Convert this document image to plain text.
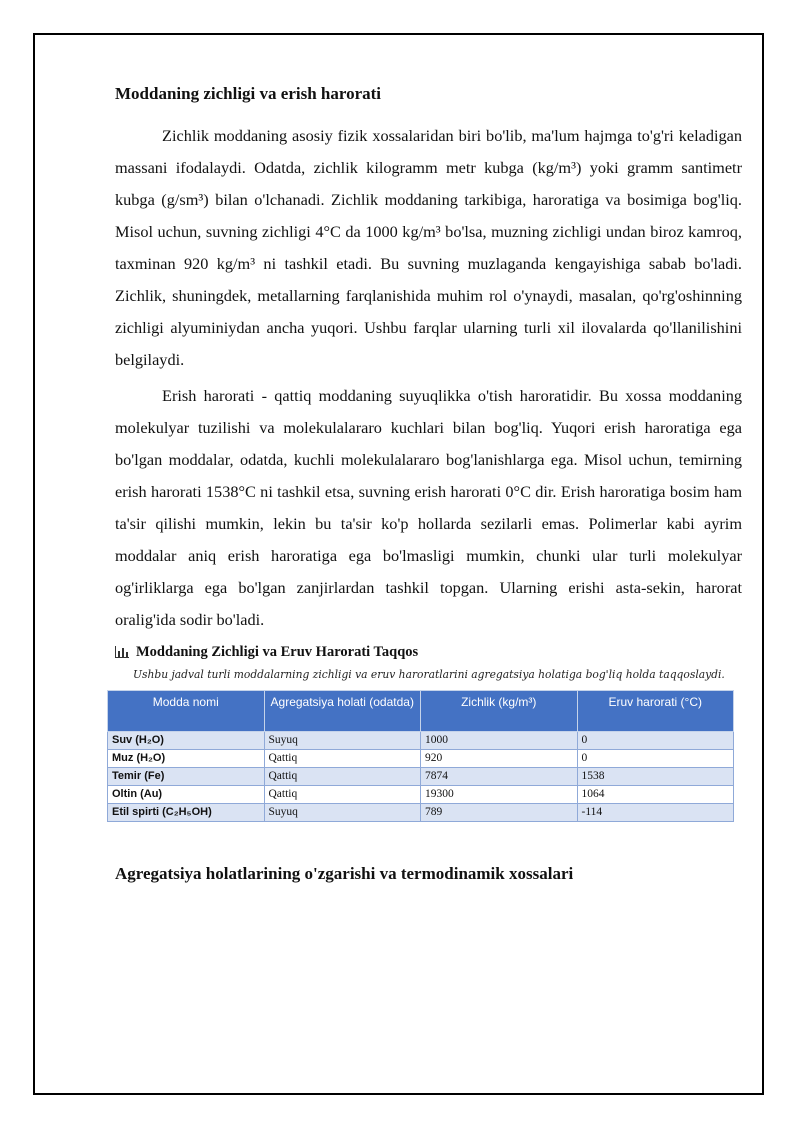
Moddaning zichligi va erish harorati

Zichlik moddaning asosiy fizik xossalaridan biri bo'lib, ma'lum hajmga to'g'ri keladigan massani ifodalaydi. Odatda, zichlik kilogramm metr kubga (kg/m³) yoki gramm santimetr kubga (g/sm³) bilan o'lchanadi. Zichlik moddaning tarkibiga, haroratiga va bosimiga bog'liq. Misol uchun, suvning zichligi 4°C da 1000 kg/m³ bo'lsa, muzning zichligi undan biroz kamroq, taxminan 920 kg/m³ ni tashkil etadi. Bu suvning muzlaganda kengayishiga sabab bo'ladi. Zichlik, shuningdek, metallarning farqlanishida muhim rol o'ynaydi, masalan, qo'rg'oshinning zichligi alyuminiydan ancha yuqori. Ushbu farqlar ularning turli xil ilovalarda qo'llanilishini belgilaydi.

Erish harorati - qattiq moddaning suyuqlikka o'tish haroratidir. Bu xossa moddaning molekulyar tuzilishi va molekulalararo kuchlari bilan bog'liq. Yuqori erish haroratiga ega bo'lgan moddalar, odatda, kuchli molekulalararo bog'lanishlarga ega. Misol uchun, temirning erish harorati 1538°C ni tashkil etsa, suvning erish harorati 0°C dir. Erish haroratiga bosim ham ta'sir qilishi mumkin, lekin bu ta'sir ko'p hollarda sezilarli emas. Polimerlar kabi ayrim moddalar aniq erish haroratiga ega bo'lmasligi mumkin, chunki ular turli molekulyar og'irliklarga ega bo'lgan zanjirlardan tashkil topgan. Ularning erishi asta-sekin, harorat oralig'ida sodir bo'ladi.

Moddaning Zichligi va Eruv Harorati Taqqos
Ushbu jadval turli moddalarning zichligi va eruv haroratlarini agregatsiya holatiga bog'liq holda taqqoslaydi.
Modda nomi	Agregatsiya holati (odatda)	Zichlik (kg/m³)	Eruv harorati (°C)
Suv (H₂O)	Suyuq	1000	0
Muz (H₂O)	Qattiq	920	0
Temir (Fe)	Qattiq	7874	1538
Oltin (Au)	Qattiq	19300	1064
Etil spirti (C₂H₅OH)	Suyuq	789	-114
Agregatsiya holatlarining o'zgarishi va termodinamik xossalari
